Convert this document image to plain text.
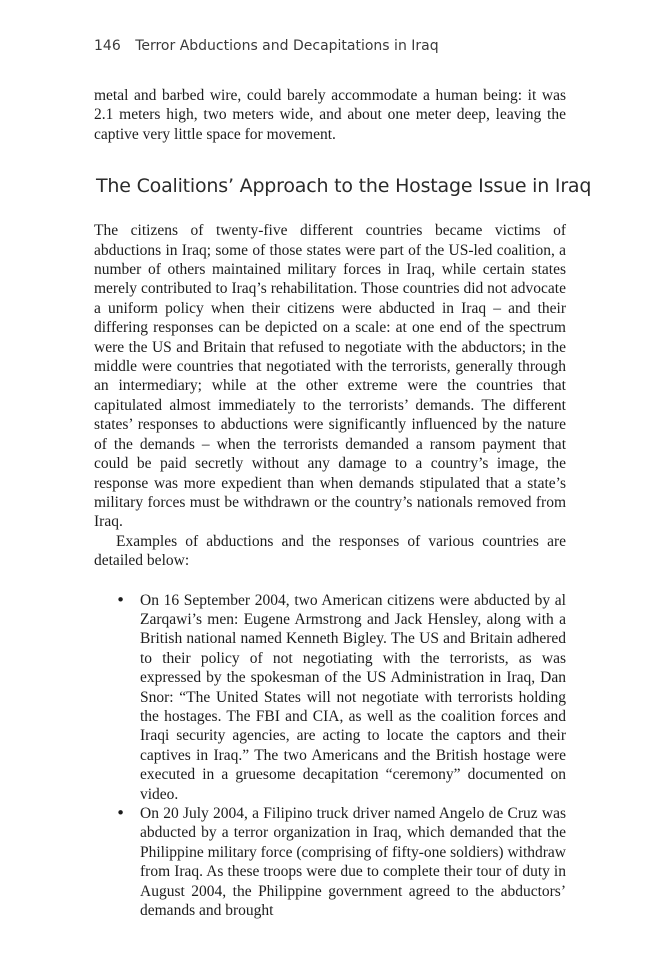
146 Terror Abductions and Decapitations in Iraq

metal and barbed wire, could barely accommodate a human being: it was 2.1 meters high, two meters wide, and about one meter deep, leaving the captive very little space for movement.

The Coalitions’ Approach to the Hostage Issue in Iraq

The citizens of twenty-five different countries became victims of abductions in Iraq; some of those states were part of the US-led coalition, a number of others maintained military forces in Iraq, while certain states merely contributed to Iraq’s rehabilitation. Those countries did not advocate a uniform policy when their citizens were abducted in Iraq – and their differing responses can be depicted on a scale: at one end of the spectrum were the US and Britain that refused to negotiate with the abductors; in the middle were countries that negotiated with the terrorists, generally through an intermediary; while at the other extreme were the countries that capitulated almost immediately to the terrorists’ demands. The different states’ responses to abductions were significantly influenced by the nature of the demands – when the terrorists demanded a ransom payment that could be paid secretly without any damage to a country’s image, the response was more expedient than when demands stipulated that a state’s military forces must be withdrawn or the country’s nationals removed from Iraq.

Examples of abductions and the responses of various countries are detailed below:

• On 16 September 2004, two American citizens were abducted by al Zarqawi’s men: Eugene Armstrong and Jack Hensley, along with a British national named Kenneth Bigley. The US and Britain adhered to their policy of not negotiating with the terrorists, as was expressed by the spokesman of the US Administration in Iraq, Dan Snor: “The United States will not negotiate with terrorists holding the hostages. The FBI and CIA, as well as the coalition forces and Iraqi security agencies, are acting to locate the captors and their captives in Iraq.” The two Americans and the British hostage were executed in a gruesome decapitation “ceremony” documented on video.
• On 20 July 2004, a Filipino truck driver named Angelo de Cruz was abducted by a terror organization in Iraq, which demanded that the Philippine military force (comprising of fifty-one soldiers) withdraw from Iraq. As these troops were due to complete their tour of duty in August 2004, the Philippine government agreed to the abductors’ demands and brought
